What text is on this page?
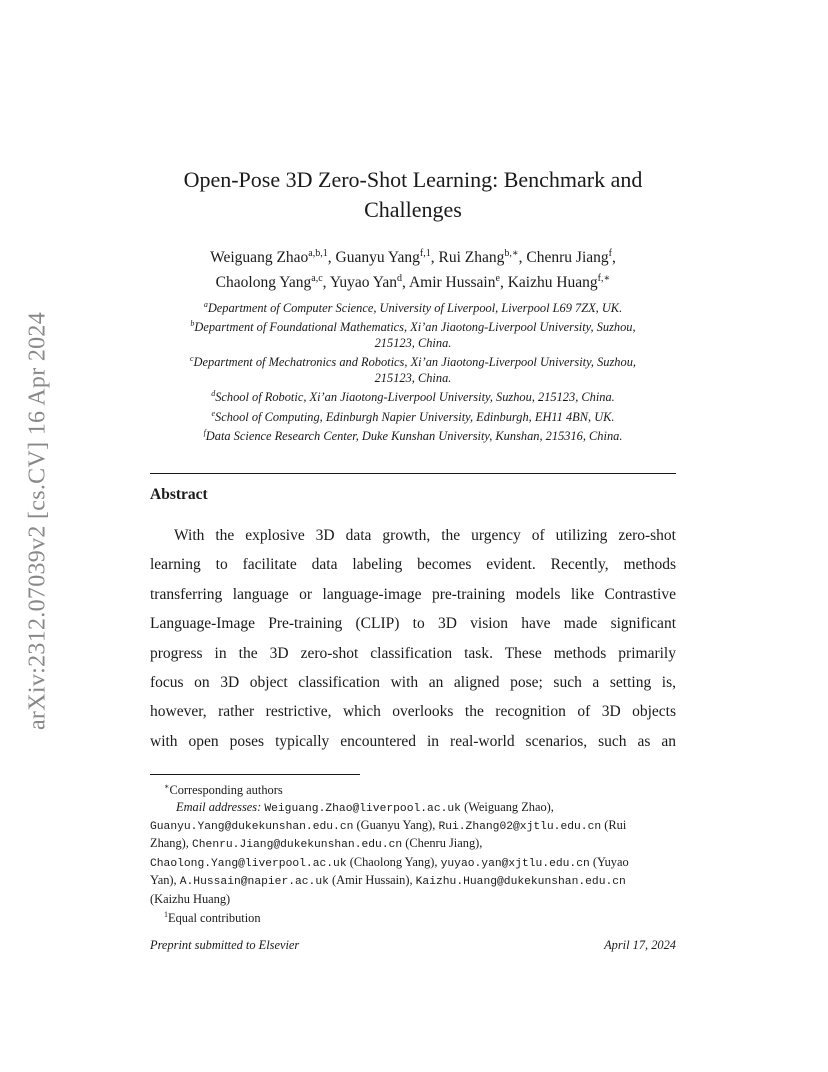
arXiv:2312.07039v2 [cs.CV] 16 Apr 2024
Open-Pose 3D Zero-Shot Learning: Benchmark and
Challenges
Weiguang Zhao$^{a,b,1}$, Guanyu Yang$^{f,1}$, Rui Zhang$^{b,∗}$, Chenru Jiang$^f$,
Chaolong Yang$^{a,c}$, Yuyao Yan$^d$, Amir Hussain$^e$, Kaizhu Huang$^{f,∗}$
$^a$Department of Computer Science, University of Liverpool, Liverpool L69 7ZX, UK.
$^b$Department of Foundational Mathematics, Xi’an Jiaotong-Liverpool University, Suzhou,
215123, China.
$^c$Department of Mechatronics and Robotics, Xi’an Jiaotong-Liverpool University, Suzhou,
215123, China.
$^d$School of Robotic, Xi’an Jiaotong-Liverpool University, Suzhou, 215123, China.
$^e$School of Computing, Edinburgh Napier University, Edinburgh, EH11 4BN, UK.
$^f$Data Science Research Center, Duke Kunshan University, Kunshan, 215316, China.
Abstract
With the explosive 3D data growth, the urgency of utilizing zero-shot
learning to facilitate data labeling becomes evident. Recently, methods
transferring language or language-image pre-training models like Contrastive
Language-Image Pre-training (CLIP) to 3D vision have made significant
progress in the 3D zero-shot classification task. These methods primarily
focus on 3D object classification with an aligned pose; such a setting is,
however, rather restrictive, which overlooks the recognition of 3D objects
with open poses typically encountered in real-world scenarios, such as an
∗Corresponding authors
Email addresses: Weiguang.Zhao@liverpool.ac.uk (Weiguang Zhao),
Guanyu.Yang@dukekunshan.edu.cn (Guanyu Yang), Rui.Zhang02@xjtlu.edu.cn (Rui
Zhang), Chenru.Jiang@dukekunshan.edu.cn (Chenru Jiang),
Chaolong.Yang@liverpool.ac.uk (Chaolong Yang), yuyao.yan@xjtlu.edu.cn (Yuyao
Yan), A.Hussain@napier.ac.uk (Amir Hussain), Kaizhu.Huang@dukekunshan.edu.cn
(Kaizhu Huang)
$^1$Equal contribution
Preprint submitted to Elsevier	April 17, 2024
